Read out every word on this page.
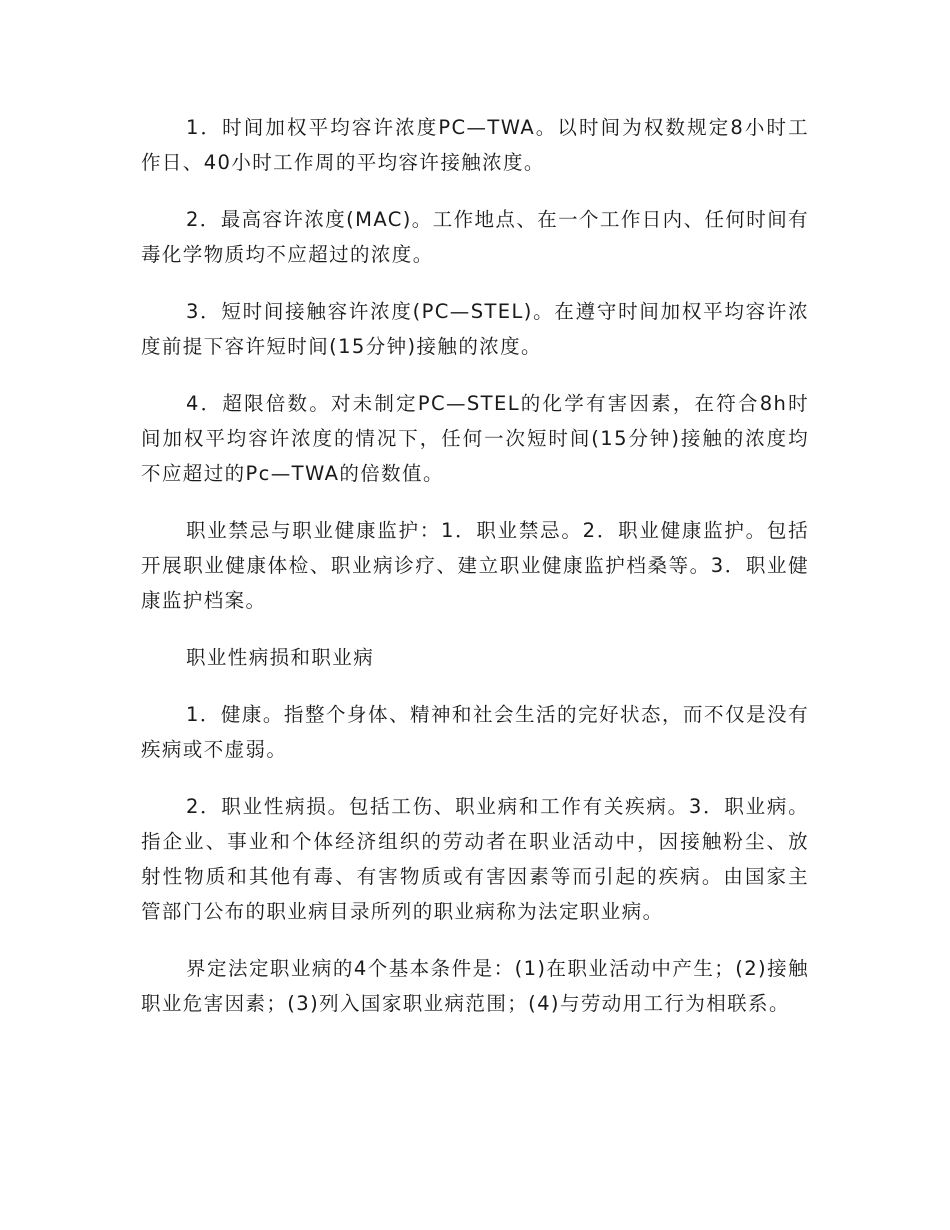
1．时间加权平均容许浓度PC—TWA。以时间为权数规定8小时工作日、40小时工作周的平均容许接触浓度。

2．最高容许浓度(MAC)。工作地点、在一个工作日内、任何时间有毒化学物质均不应超过的浓度。

3．短时间接触容许浓度(PC—STEL)。在遵守时间加权平均容许浓度前提下容许短时间(15分钟)接触的浓度。

4．超限倍数。对未制定PC—STEL的化学有害因素，在符合8h时间加权平均容许浓度的情况下，任何一次短时间(15分钟)接触的浓度均不应超过的Pc—TWA的倍数值。

职业禁忌与职业健康监护：1．职业禁忌。2．职业健康监护。包括开展职业健康体检、职业病诊疗、建立职业健康监护档桑等。3．职业健康监护档案。

职业性病损和职业病

1．健康。指整个身体、精神和社会生活的完好状态，而不仅是没有疾病或不虚弱。

2．职业性病损。包括工伤、职业病和工作有关疾病。3．职业病。指企业、事业和个体经济组织的劳动者在职业活动中，因接触粉尘、放射性物质和其他有毒、有害物质或有害因素等而引起的疾病。由国家主管部门公布的职业病目录所列的职业病称为法定职业病。

界定法定职业病的4个基本条件是：(1)在职业活动中产生；(2)接触职业危害因素；(3)列入国家职业病范围；(4)与劳动用工行为相联系。
